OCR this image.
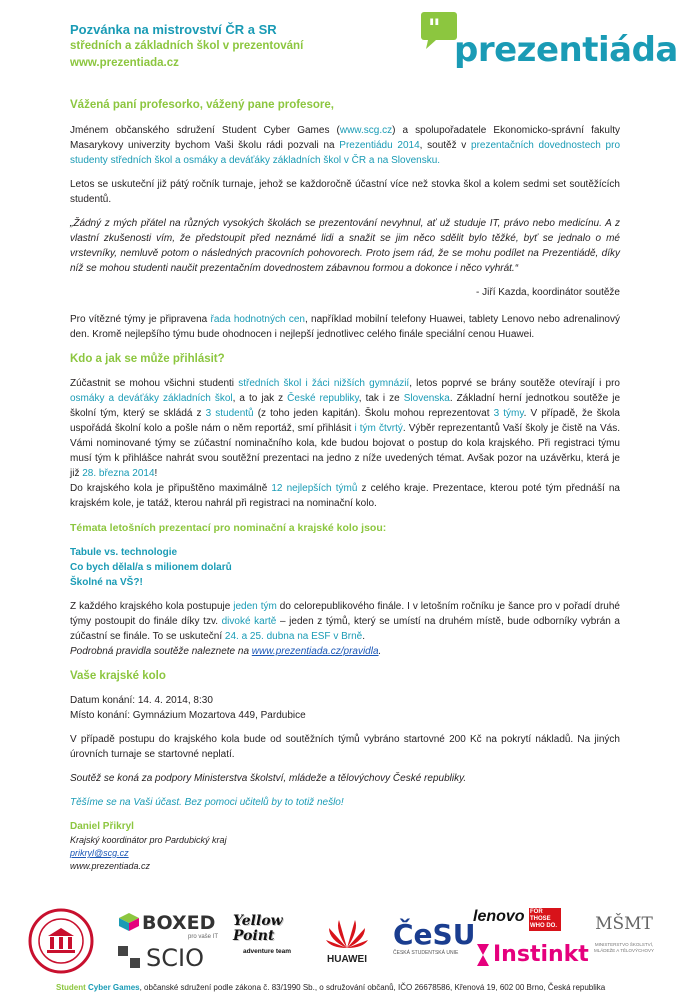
Pozvánka na mistrovství ČR a SR
středních a základních škol v prezentování
www.prezentiada.cz
"
prezentiáda
Vážená paní profesorko, vážený pane profesore,

Jménem občanského sdružení Student Cyber Games (www.scg.cz) a spolupořadatele Ekonomicko-správní fakulty Masarykovy univerzity bychom Vaši školu rádi pozvali na Prezentiádu 2014, soutěž v prezentačních dovednostech pro studenty středních škol a osmáky a deváťáky základních škol v ČR a na Slovensku.

Letos se uskuteční již pátý ročník turnaje, jehož se každoročně účastní více než stovka škol a kolem sedmi set soutěžících studentů.

„Žádný z mých přátel na různých vysokých školách se prezentování nevyhnul, ať už studuje IT, právo nebo medicínu. A z vlastní zkušenosti vím, že předstoupit před neznámé lidi a snažit se jim něco sdělit bylo těžké, byť se jednalo o mé vrstevníky, nemluvě potom o následných pracovních pohovorech. Proto jsem rád, že se mohu podílet na Prezentiádě, díky níž se mohou studenti naučit prezentačním dovednostem zábavnou formou a dokonce i něco vyhrát.“

- Jiří Kazda, koordinátor soutěže

Pro vítězné týmy je připravena řada hodnotných cen, například mobilní telefony Huawei, tablety Lenovo nebo adrenalinový den. Kromě nejlepšího týmu bude ohodnocen i nejlepší jednotlivec celého finále speciální cenou Huawei.

Kdo a jak se může přihlásit?

Zúčastnit se mohou všichni studenti středních škol i žáci nižších gymnázií, letos poprvé se brány soutěže otevírají i pro osmáky a deváťáky základních škol, a to jak z České republiky, tak i ze Slovenska. Základní herní jednotkou soutěže je školní tým, který se skládá z 3 studentů (z toho jeden kapitán). Školu mohou reprezentovat 3 týmy. V případě, že škola uspořádá školní kolo a pošle nám o něm reportáž, smí přihlásit i tým čtvrtý. Výběr reprezentantů Vaší školy je čistě na Vás. Vámi nominované týmy se zúčastní nominačního kola, kde budou bojovat o postup do kola krajského. Při registraci týmu musí tým k přihlášce nahrát svou soutěžní prezentaci na jedno z níže uvedených témat. Avšak pozor na uzávěrku, která je již 28. března 2014!

Do krajského kola je připuštěno maximálně 12 nejlepších týmů z celého kraje. Prezentace, kterou poté tým přednáší na krajském kole, je tatáž, kterou nahrál při registraci na nominační kolo.

Témata letošních prezentací pro nominační a krajské kolo jsou:
Tabule vs. technologie
Co bych dělal/a s milionem dolarů
Školné na VŠ?!

Z každého krajského kola postupuje jeden tým do celorepublikového finále. I v letošním ročníku je šance pro v pořadí druhé týmy postoupit do finále díky tzv. divoké kartě – jeden z týmů, který se umístí na druhém místě, bude odborníky vybrán a zúčastní se finále. To se uskuteční 24. a 25. dubna na ESF v Brně.

Podrobná pravidla soutěže naleznete na www.prezentiada.cz/pravidla.
Vaše krajské kolo
Datum konání: 14. 4. 2014, 8:30
Místo konání: Gymnázium Mozartova 449, Pardubice

V případě postupu do krajského kola bude od soutěžních týmů vybráno startovné 200 Kč na pokrytí nákladů. Na jiných úrovních turnaje se startovné neplatí.

Soutěž se koná za podpory Ministerstva školství, mládeže a tělovýchovy České republiky.

Těšíme se na Vaši účast. Bez pomoci učitelů by to totiž nešlo!

Daniel Přikryl
Krajský koordinátor pro Pardubický kraj
prikryl@scg.cz
www.prezentiada.cz
BOXED
pro vaše IT
SCIO
Yellow Point
adventure team
HUAWEI
ČeSU
ČESKÁ STUDENTSKÁ UNIE
lenovo FOR THOSE WHO DO.
Instinkt
MŠMT
MINISTERSTVO ŠKOLSTVÍ, MLÁDEŽE A TĚLOVÝCHOVY
Student Cyber Games, občanské sdružení podle zákona č. 83/1990 Sb., o sdružování občanů, IČO 26678586, Křenová 19, 602 00 Brno, Česká republika
